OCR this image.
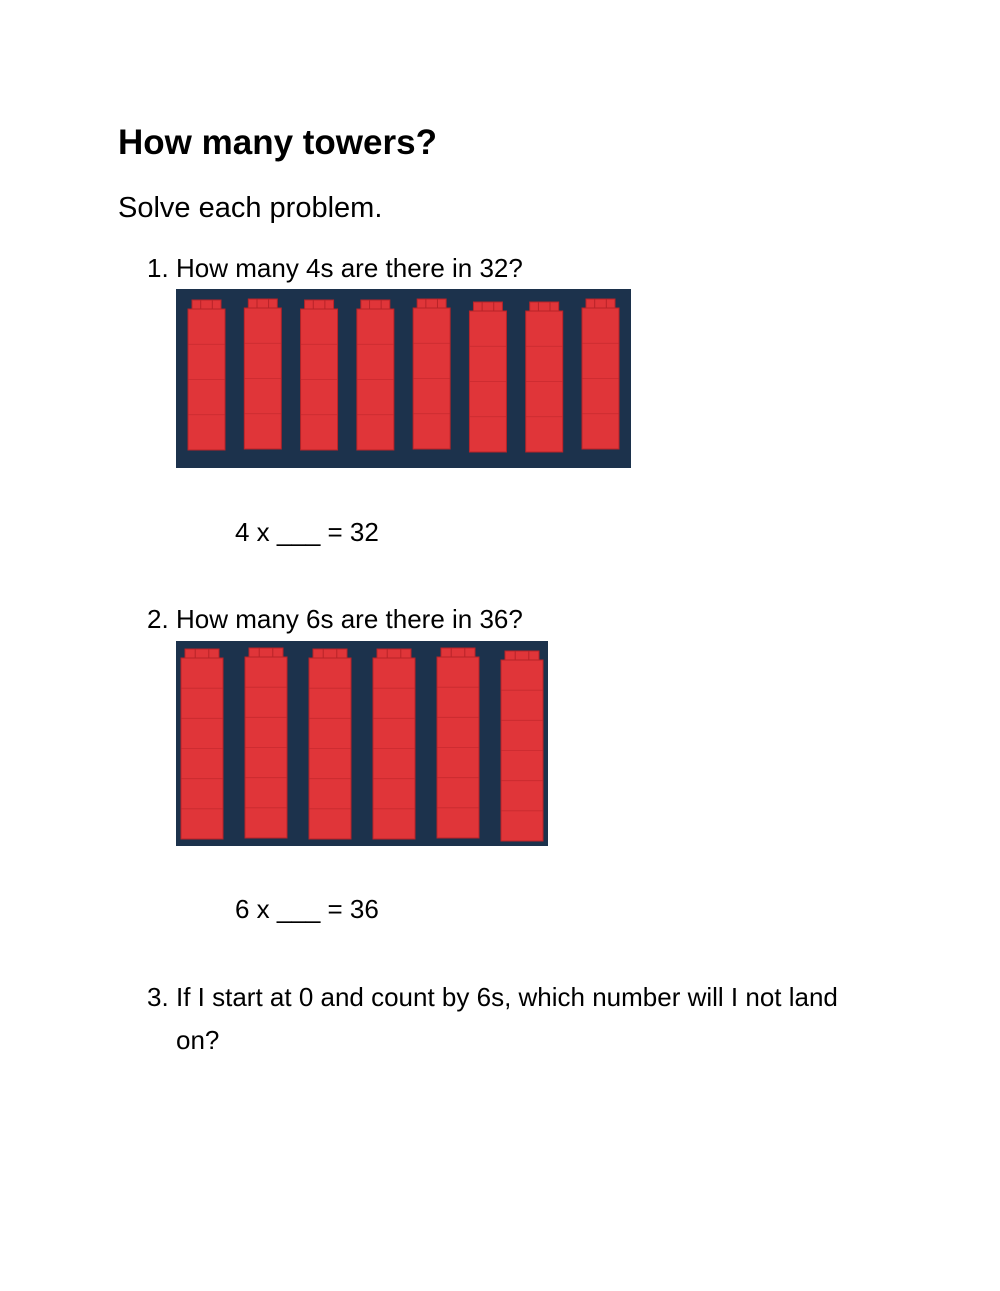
How many towers?
Solve each problem.
1. How many 4s are there in 32?
4 x ___ = 32
2. How many 6s are there in 36?
6 x ___ = 36
3. If I start at 0 and count by 6s, which number will I not land on?
